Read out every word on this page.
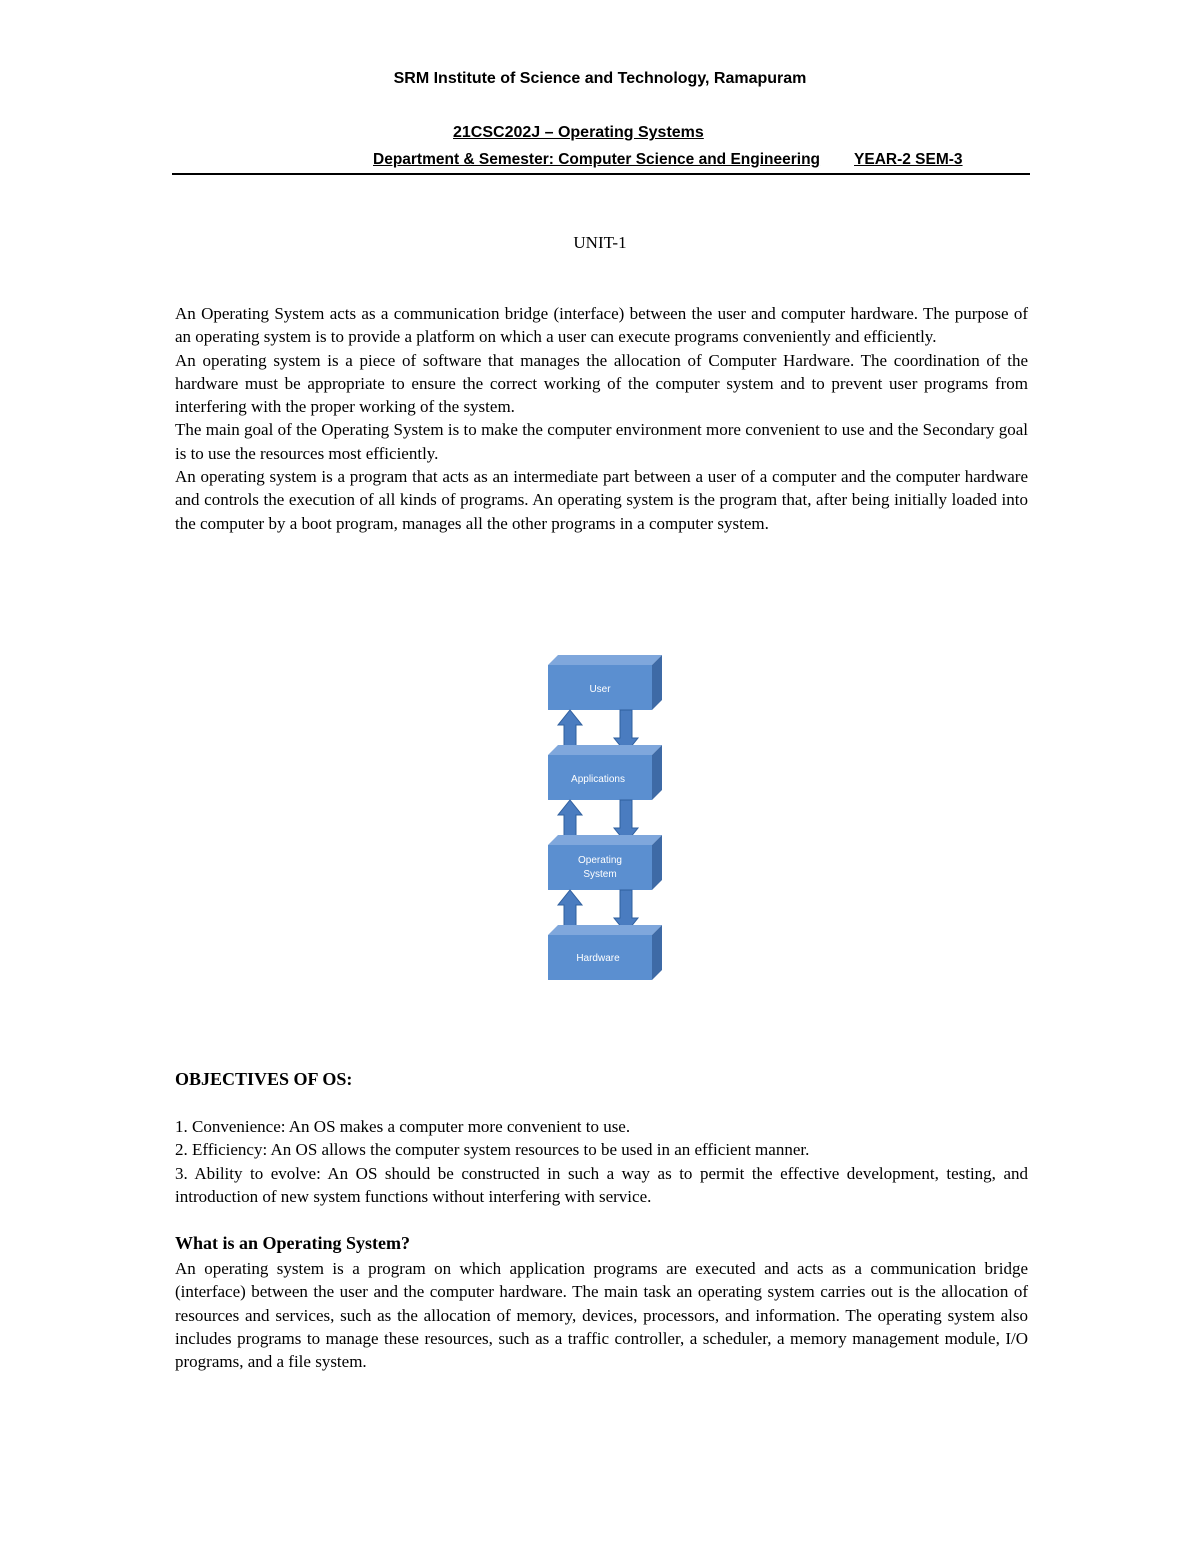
SRM Institute of Science and Technology, Ramapuram
21CSC202J – Operating Systems
Department & Semester: Computer Science and Engineering YEAR-2 SEM-3
UNIT-1

An Operating System acts as a communication bridge (interface) between the user and computer hardware. The purpose of an operating system is to provide a platform on which a user can execute programs conveniently and efficiently.

An operating system is a piece of software that manages the allocation of Computer Hardware. The coordination of the hardware must be appropriate to ensure the correct working of the computer system and to prevent user programs from interfering with the proper working of the system.

The main goal of the Operating System is to make the computer environment more convenient to use and the Secondary goal is to use the resources most efficiently.

An operating system is a program that acts as an intermediate part between a user of a computer and the computer hardware and controls the execution of all kinds of programs. An operating system is the program that, after being initially loaded into the computer by a boot program, manages all the other programs in a computer system.

User
Applications
Operating System
Hardware
OBJECTIVES OF OS:

1. Convenience: An OS makes a computer more convenient to use.

2. Efficiency: An OS allows the computer system resources to be used in an efficient manner.

3. Ability to evolve: An OS should be constructed in such a way as to permit the effective development, testing, and introduction of new system functions without interfering with service.

What is an Operating System?

An operating system is a program on which application programs are executed and acts as a communication bridge (interface) between the user and the computer hardware. The main task an operating system carries out is the allocation of resources and services, such as the allocation of memory, devices, processors, and information. The operating system also includes programs to manage these resources, such as a traffic controller, a scheduler, a memory management module, I/O programs, and a file system.
